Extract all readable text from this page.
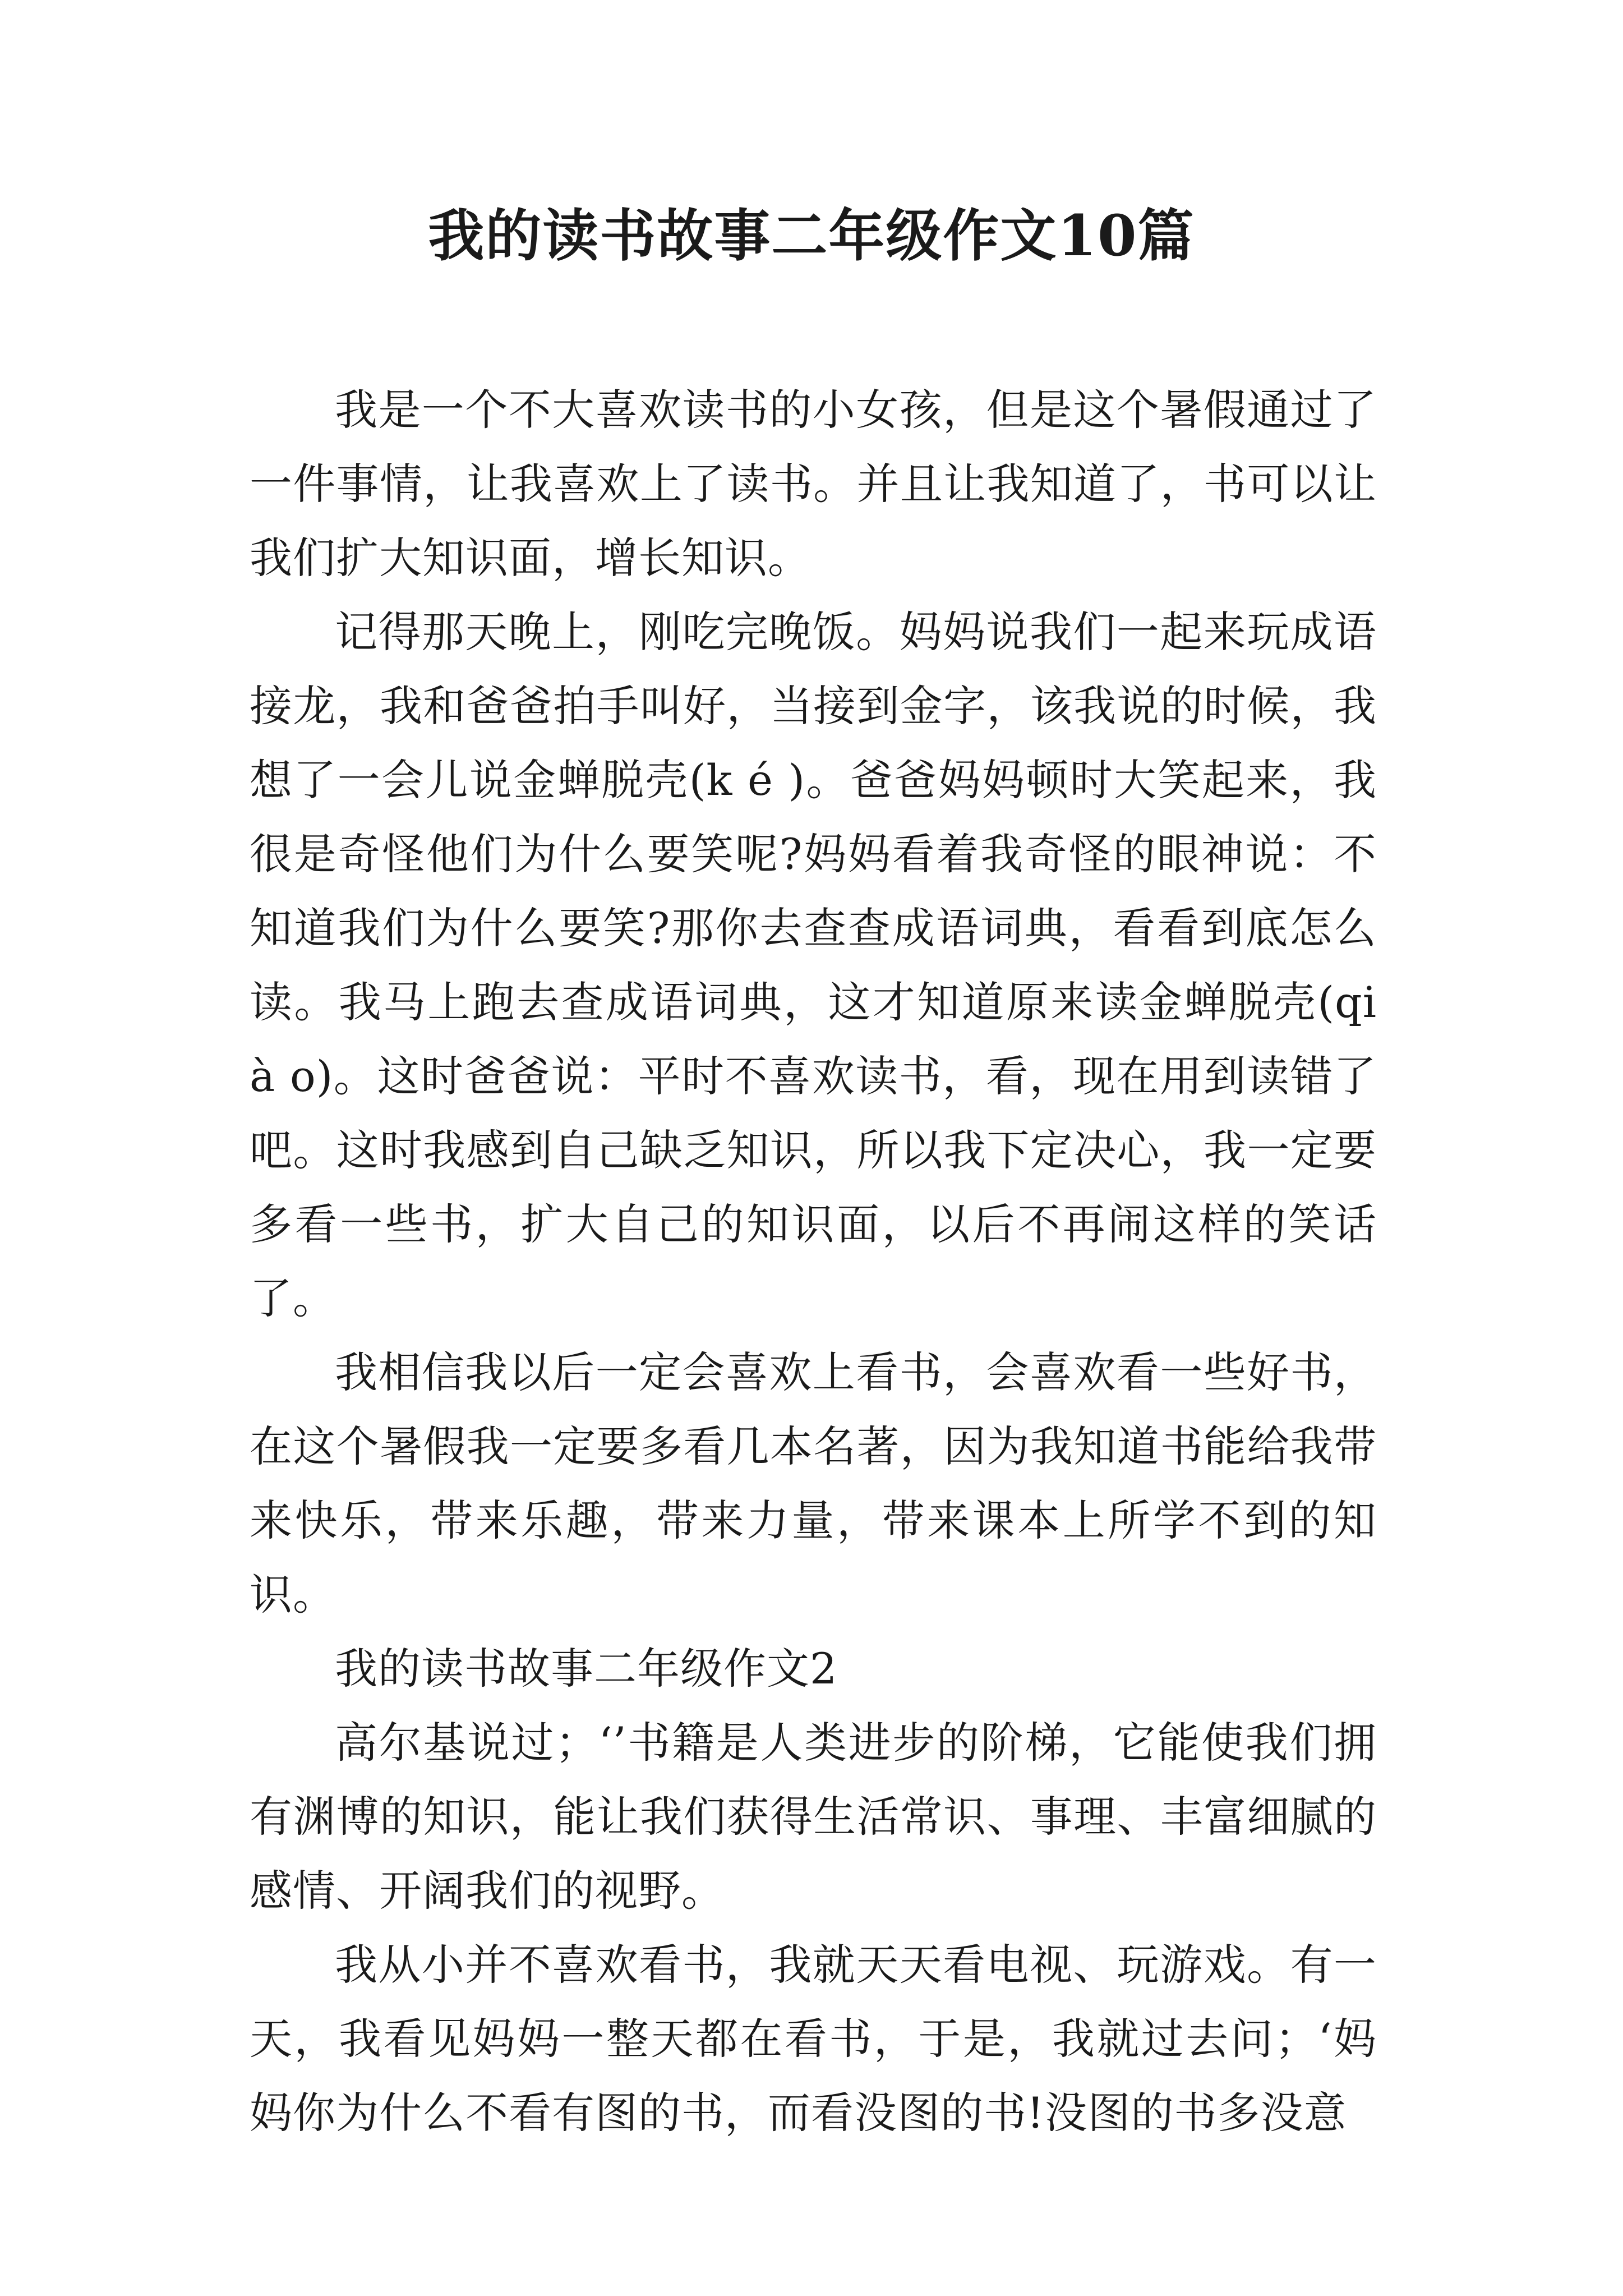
我的读书故事二年级作文10篇

我是一个不大喜欢读书的小女孩，但是这个暑假通过了一件事情，让我喜欢上了读书。并且让我知道了，书可以让我们扩大知识面，增长知识。

记得那天晚上，刚吃完晚饭。妈妈说我们一起来玩成语接龙，我和爸爸拍手叫好，当接到金字，该我说的时候，我想了一会儿说金蝉脱壳(k é )。爸爸妈妈顿时大笑起来，我很是奇怪他们为什么要笑呢?妈妈看着我奇怪的眼神说：不知道我们为什么要笑?那你去查查成语词典，看看到底怎么读。我马上跑去查成语词典，这才知道原来读金蝉脱壳(qi à o)。这时爸爸说：平时不喜欢读书，看，现在用到读错了吧。这时我感到自己缺乏知识，所以我下定决心，我一定要多看一些书，扩大自己的知识面，以后不再闹这样的笑话了。

我相信我以后一定会喜欢上看书，会喜欢看一些好书，在这个暑假我一定要多看几本名著，因为我知道书能给我带来快乐，带来乐趣，带来力量，带来课本上所学不到的知识。

我的读书故事二年级作文2

高尔基说过；‘’书籍是人类进步的阶梯，它能使我们拥有渊博的知识，能让我们获得生活常识、事理、丰富细腻的感情、开阔我们的视野。

我从小并不喜欢看书，我就天天看电视、玩游戏。有一天，我看见妈妈一整天都在看书，于是，我就过去问；‘妈妈你为什么不看有图的书，而看没图的书!没图的书多没意
